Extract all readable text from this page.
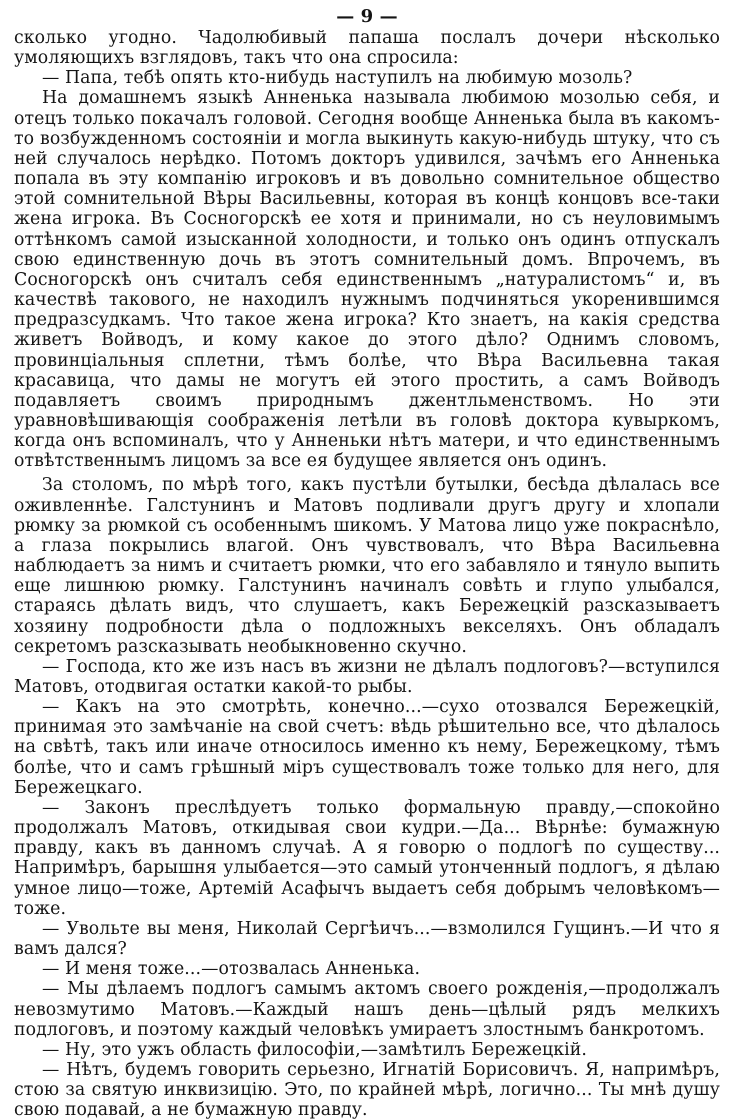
— 9 —

сколько угодно. Чадолюбивый папаша послалъ дочери нѣсколько умоляющихъ взглядовъ, такъ что она спросила:

— Папа, тебѣ опять кто-нибудь наступилъ на любимую мозоль?

На домашнемъ языкѣ Анненька называла любимою мозолью себя, и отецъ только покачалъ головой. Сегодня вообще Анненька была въ какомъ-то возбужденномъ состояніи и могла выкинуть какую-нибудь штуку, что съ ней случалось нерѣдко. Потомъ докторъ удивился, зачѣмъ его Анненька попала въ эту компанію игроковъ и въ довольно сомнительное общество этой сомнительной Вѣры Васильевны, которая въ концѣ концовъ все-таки жена игрока. Въ Сосногорскѣ ее хотя и принимали, но съ неуловимымъ оттѣнкомъ самой изысканной холодности, и только онъ одинъ отпускалъ свою единственную дочь въ этотъ сомнительный домъ. Впрочемъ, въ Сосногорскѣ онъ считалъ себя единственнымъ „натуралистомъ“ и, въ качествѣ такового, не находилъ нужнымъ подчиняться укоренившимся предразсудкамъ. Что такое жена игрока? Кто знаетъ, на какія средства живетъ Войводъ, и кому какое до этого дѣло? Однимъ словомъ, провинціальныя сплетни, тѣмъ болѣе, что Вѣра Васильевна такая красавица, что дамы не могутъ ей этого простить, а самъ Войводъ подавляетъ своимъ природнымъ джентльменствомъ. Но эти уравновѣшивающія соображенія летѣли въ головѣ доктора кувыркомъ, когда онъ вспоминалъ, что у Анненьки нѣтъ матери, и что единственнымъ отвѣтственнымъ лицомъ за все ея будущее является онъ одинъ.

За столомъ, по мѣрѣ того, какъ пустѣли бутылки, бесѣда дѣлалась все оживленнѣе. Галстунинъ и Матовъ подливали другъ другу и хлопали рюмку за рюмкой съ особеннымъ шикомъ. У Матова лицо уже покраснѣло, а глаза покрылись влагой. Онъ чувствовалъ, что Вѣра Васильевна наблюдаетъ за нимъ и считаетъ рюмки, что его забавляло и тянуло выпить еще лишнюю рюмку. Галстунинъ начиналъ совѣть и глупо улыбался, стараясь дѣлать видъ, что слушаетъ, какъ Бережецкій разсказываетъ хозяину подробности дѣла о подложныхъ векселяхъ. Онъ обладалъ секретомъ разсказывать необыкновенно скучно.

— Господа, кто же изъ насъ въ жизни не дѣлалъ подлоговъ?—вступился Матовъ, отодвигая остатки какой-то рыбы.

— Какъ на это смотрѣть, конечно...—сухо отозвался Бережецкій, принимая это замѣчаніе на свой счетъ: вѣдь рѣшительно все, что дѣлалось на свѣтѣ, такъ или иначе относилось именно къ нему, Бережецкому, тѣмъ болѣе, что и самъ грѣшный міръ существовалъ тоже только для него, для Бережецкаго.

— Законъ преслѣдуетъ только формальную правду,—спокойно продолжалъ Матовъ, откидывая свои кудри.—Да... Вѣрнѣе: бумажную правду, какъ въ данномъ случаѣ. А я говорю о подлогѣ по существу... Напримѣръ, барышня улыбается—это самый утонченный подлогъ, я дѣлаю умное лицо—тоже, Артемій Асафычъ выдаетъ себя добрымъ человѣкомъ—тоже.

— Увольте вы меня, Николай Сергѣичъ...—взмолился Гущинъ.—И что я вамъ дался?

— И меня тоже...—отозвалась Анненька.

— Мы дѣлаемъ подлогъ самымъ актомъ своего рожденія,—продолжалъ невозмутимо Матовъ.—Каждый нашъ день—цѣлый рядъ мелкихъ подлоговъ, и поэтому каждый человѣкъ умираетъ злостнымъ банкротомъ.

— Ну, это ужъ область философіи,—замѣтилъ Бережецкій.

— Нѣтъ, будемъ говорить серьезно, Игнатій Борисовичъ. Я, напримѣръ, стою за святую инквизицію. Это, по крайней мѣрѣ, логично... Ты мнѣ душу свою подавай, а не бумажную правду.
